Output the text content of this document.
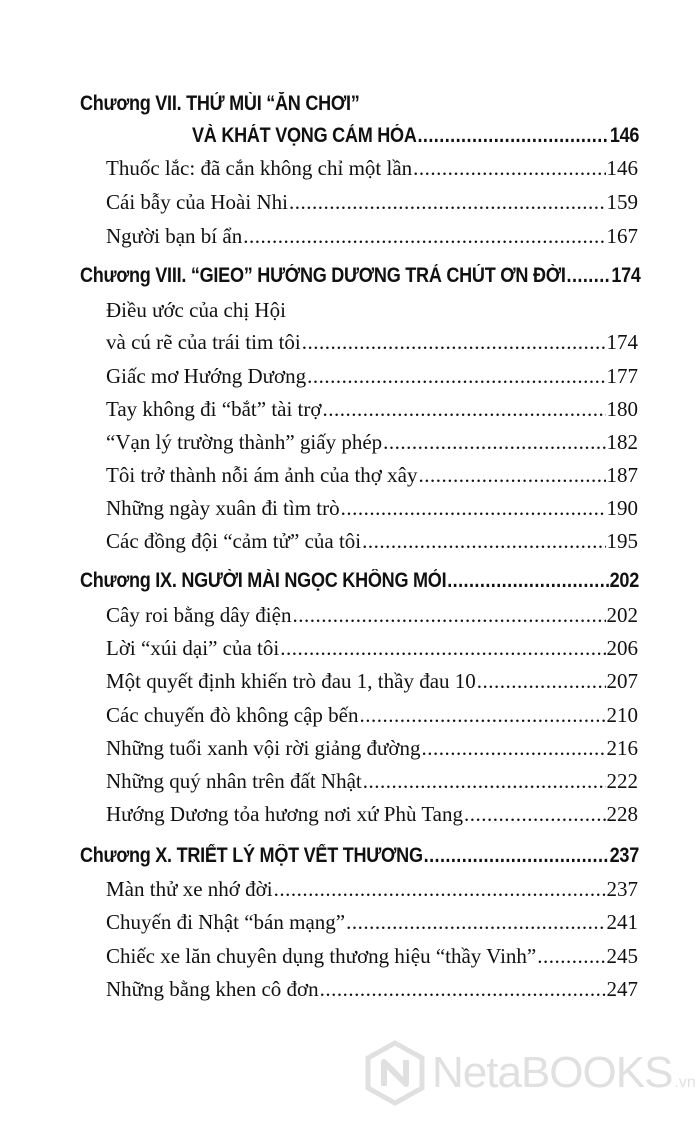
Chương VII. THỬ MÙI “ĂN CHƠI”
VÀ KHÁT VỌNG CẢM HÓA .....	146
Thuốc lắc: đã cắn không chỉ một lần .....	146
Cái bẫy của Hoài Nhi .....	159
Người bạn bí ẩn .....	167
Chương VIII. “GIEO” HƯỚNG DƯƠNG TRẢ CHÚT ƠN ĐỜI ..... 174
Điều ước của chị Hội
và cú rẽ của trái tim tôi .....	174
Giấc mơ Hướng Dương .....	177
Tay không đi “bắt” tài trợ .....	180
“Vạn lý trường thành” giấy phép .....	182
Tôi trở thành nỗi ám ảnh của thợ xây .....	187
Những ngày xuân đi tìm trò .....	190
Các đồng đội “cảm tử” của tôi .....	195
Chương IX. NGƯỜI MÀI NGỌC KHÔNG MỎI .....	202
Cây roi bằng dây điện .....	202
Lời “xúi dại” của tôi .....	206
Một quyết định khiến trò đau 1, thầy đau 10 .....	207
Các chuyến đò không cập bến .....	210
Những tuổi xanh vội rời giảng đường .....	216
Những quý nhân trên đất Nhật .....	222
Hướng Dương tỏa hương nơi xứ Phù Tang .....	228
Chương X. TRIẾT LÝ MỘT VẾT THƯƠNG .....	237
Màn thử xe nhớ đời .....	237
Chuyến đi Nhật “bán mạng” .....	241
Chiếc xe lăn chuyên dụng thương hiệu “thầy Vinh” .....	245
Những bằng khen cô đơn .....	247
NetaBOOKS .vn
